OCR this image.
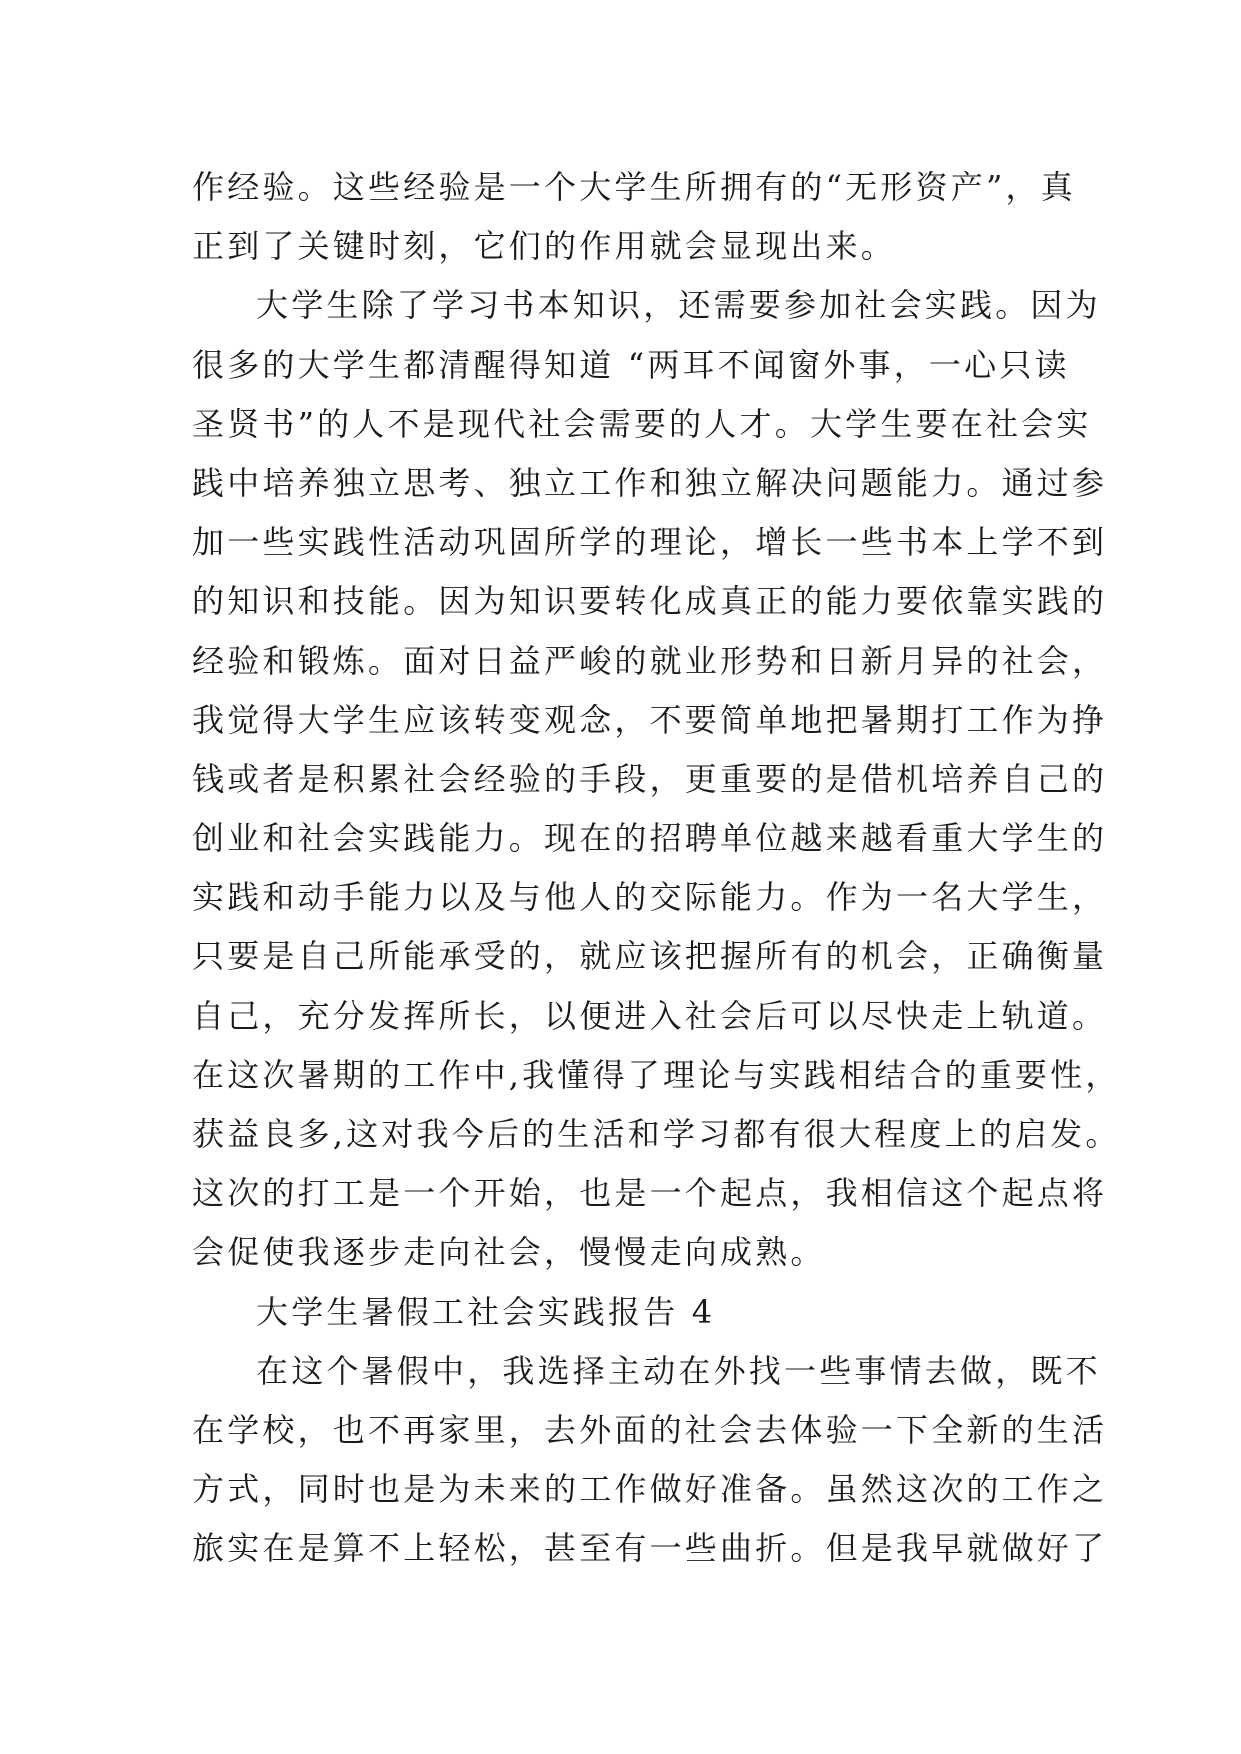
作经验。这些经验是一个大学生所拥有的“无形资产”，真
正到了关键时刻，它们的作用就会显现出来。
大学生除了学习书本知识，还需要参加社会实践。因为
很多的大学生都清醒得知道 “两耳不闻窗外事，一心只读
圣贤书”的人不是现代社会需要的人才。大学生要在社会实
践中培养独立思考、独立工作和独立解决问题能力。通过参
加一些实践性活动巩固所学的理论，增长一些书本上学不到
的知识和技能。因为知识要转化成真正的能力要依靠实践的
经验和锻炼。面对日益严峻的就业形势和日新月异的社会，
我觉得大学生应该转变观念，不要简单地把暑期打工作为挣
钱或者是积累社会经验的手段，更重要的是借机培养自己的
创业和社会实践能力。现在的招聘单位越来越看重大学生的
实践和动手能力以及与他人的交际能力。作为一名大学生，
只要是自己所能承受的，就应该把握所有的机会，正确衡量
自己，充分发挥所长，以便进入社会后可以尽快走上轨道。
在这次暑期的工作中,我懂得了理论与实践相结合的重要性，
获益良多,这对我今后的生活和学习都有很大程度上的启发。
这次的打工是一个开始，也是一个起点，我相信这个起点将
会促使我逐步走向社会，慢慢走向成熟。
大学生暑假工社会实践报告 4
在这个暑假中，我选择主动在外找一些事情去做，既不
在学校，也不再家里，去外面的社会去体验一下全新的生活
方式，同时也是为未来的工作做好准备。虽然这次的工作之
旅实在是算不上轻松，甚至有一些曲折。但是我早就做好了
